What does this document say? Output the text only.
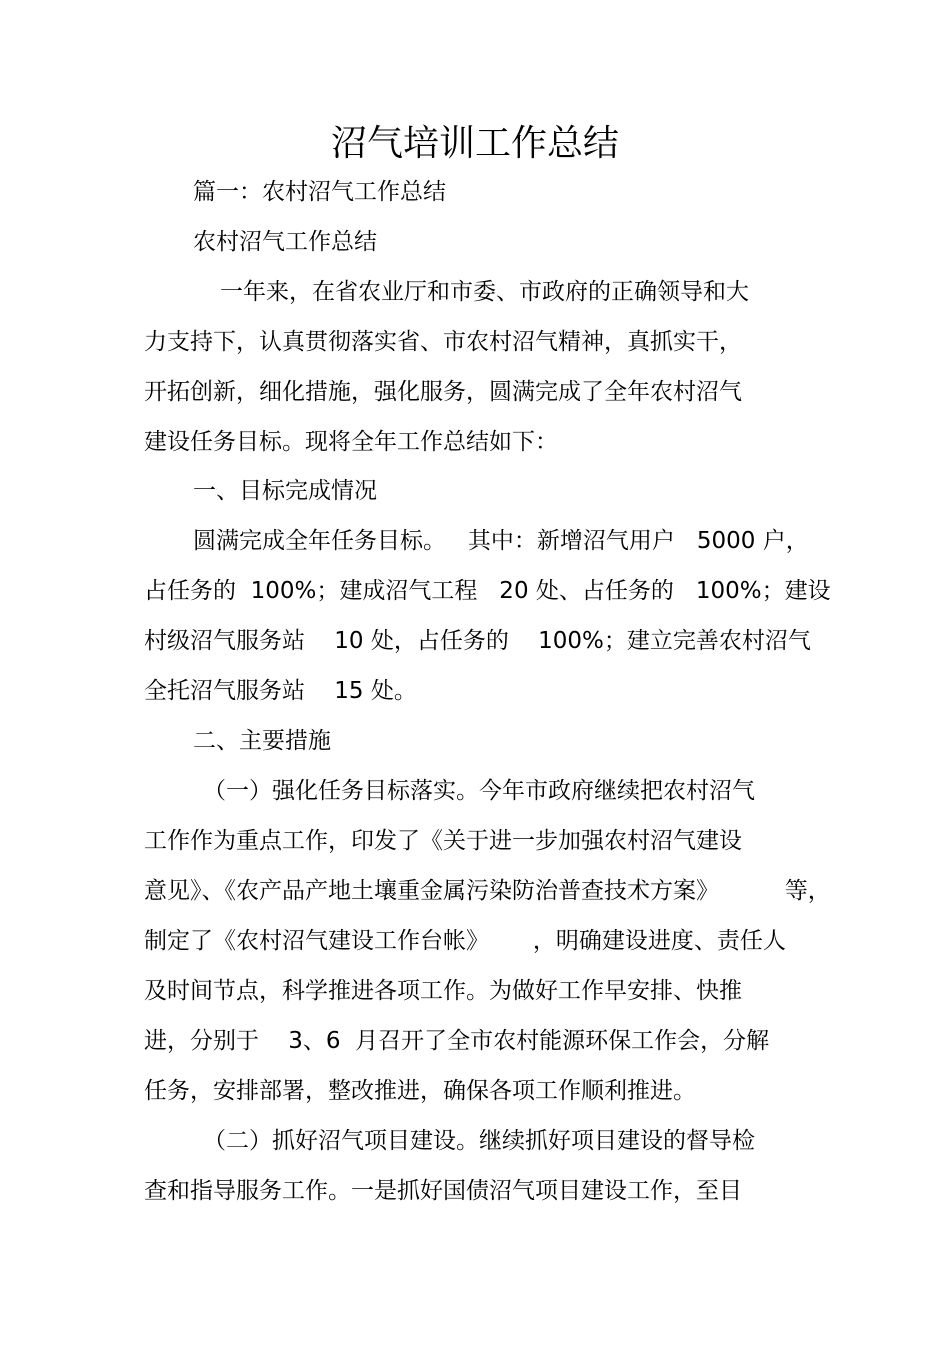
沼气培训工作总结

篇一：农村沼气工作总结

农村沼气工作总结

一年来，在省农业厅和市委、市政府的正确领导和大

力支持下，认真贯彻落实省、市农村沼气精神，真抓实干，

开拓创新，细化措施，强化服务，圆满完成了全年农村沼气

建设任务目标。现将全年工作总结如下：

一、目标完成情况

圆满完成全年任务目标。   其中：新增沼气用户   5000 户，

占任务的  100%；建成沼气工程   20 处、占任务的   100%；建设

村级沼气服务站    10 处，占任务的    100%；建立完善农村沼气

全托沼气服务站    15 处。

二、主要措施

（一）强化任务目标落实。今年市政府继续把农村沼气

工作作为重点工作，印发了《关于进一步加强农村沼气建设

意见》、《农产品产地土壤重金属污染防治普查技术方案》         等，

制定了《农村沼气建设工作台帐》      ，明确建设进度、责任人

及时间节点，科学推进各项工作。为做好工作早安排、快推

进，分别于    3、6  月召开了全市农村能源环保工作会，分解

任务，安排部署，整改推进，确保各项工作顺利推进。

（二）抓好沼气项目建设。继续抓好项目建设的督导检

查和指导服务工作。一是抓好国债沼气项目建设工作，至目
